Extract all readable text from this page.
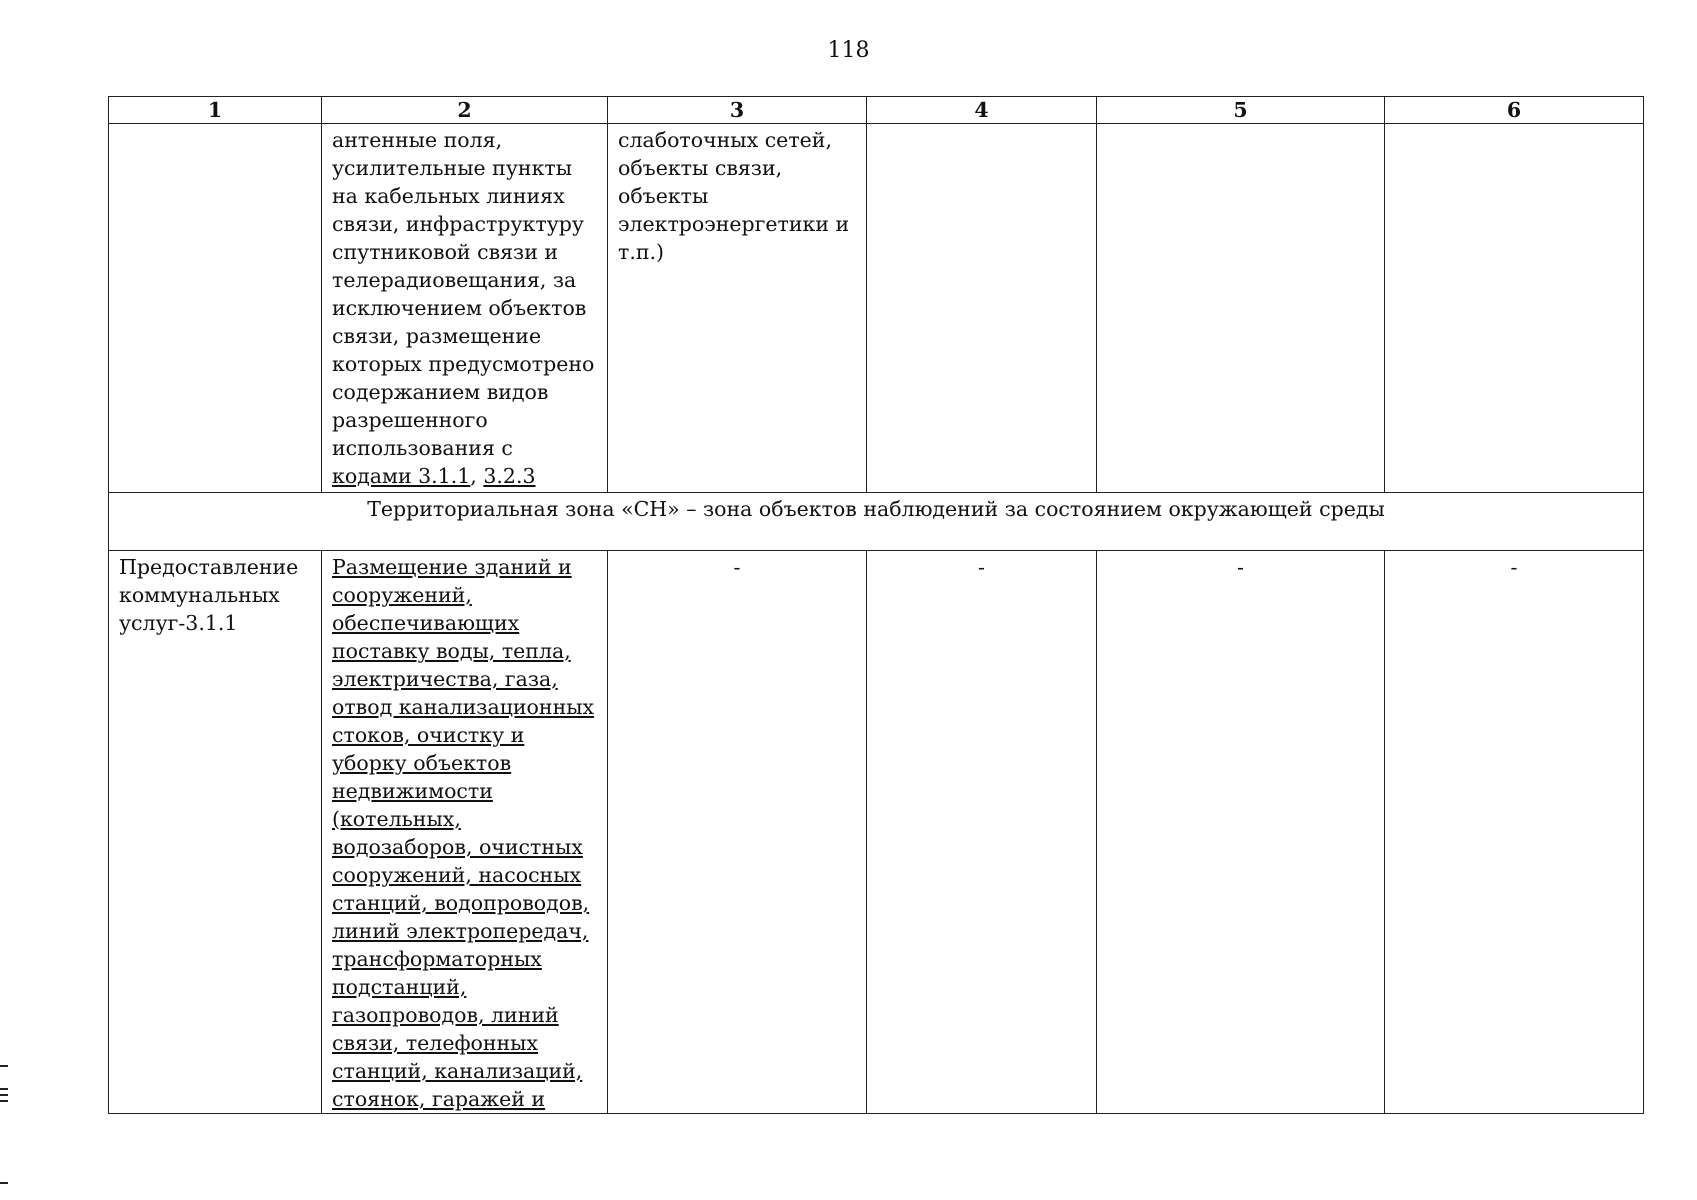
118
1	2	3	4	5	6
	антенные поля, усилительные пункты на кабельных линиях связи, инфраструктуру спутниковой связи и телерадиовещания, за исключением объектов связи, размещение которых предусмотрено содержанием видов разрешенного использования с кодами 3.1.1, 3.2.3	слаботочных сетей, объекты связи, объекты электроэнергетики и т.п.)			
Территориальная зона «СН» – зона объектов наблюдений за состоянием окружающей среды					
Предоставление коммунальных услуг-3.1.1	Размещение зданий и сооружений, обеспечивающих поставку воды, тепла, электричества, газа, отвод канализационных стоков, очистку и уборку объектов недвижимости (котельных, водозаборов, очистных сооружений, насосных станций, водопроводов, линий электропередач, трансформаторных подстанций, газопроводов, линий связи, телефонных станций, канализаций, стоянок, гаражей и	-	-	-	-
